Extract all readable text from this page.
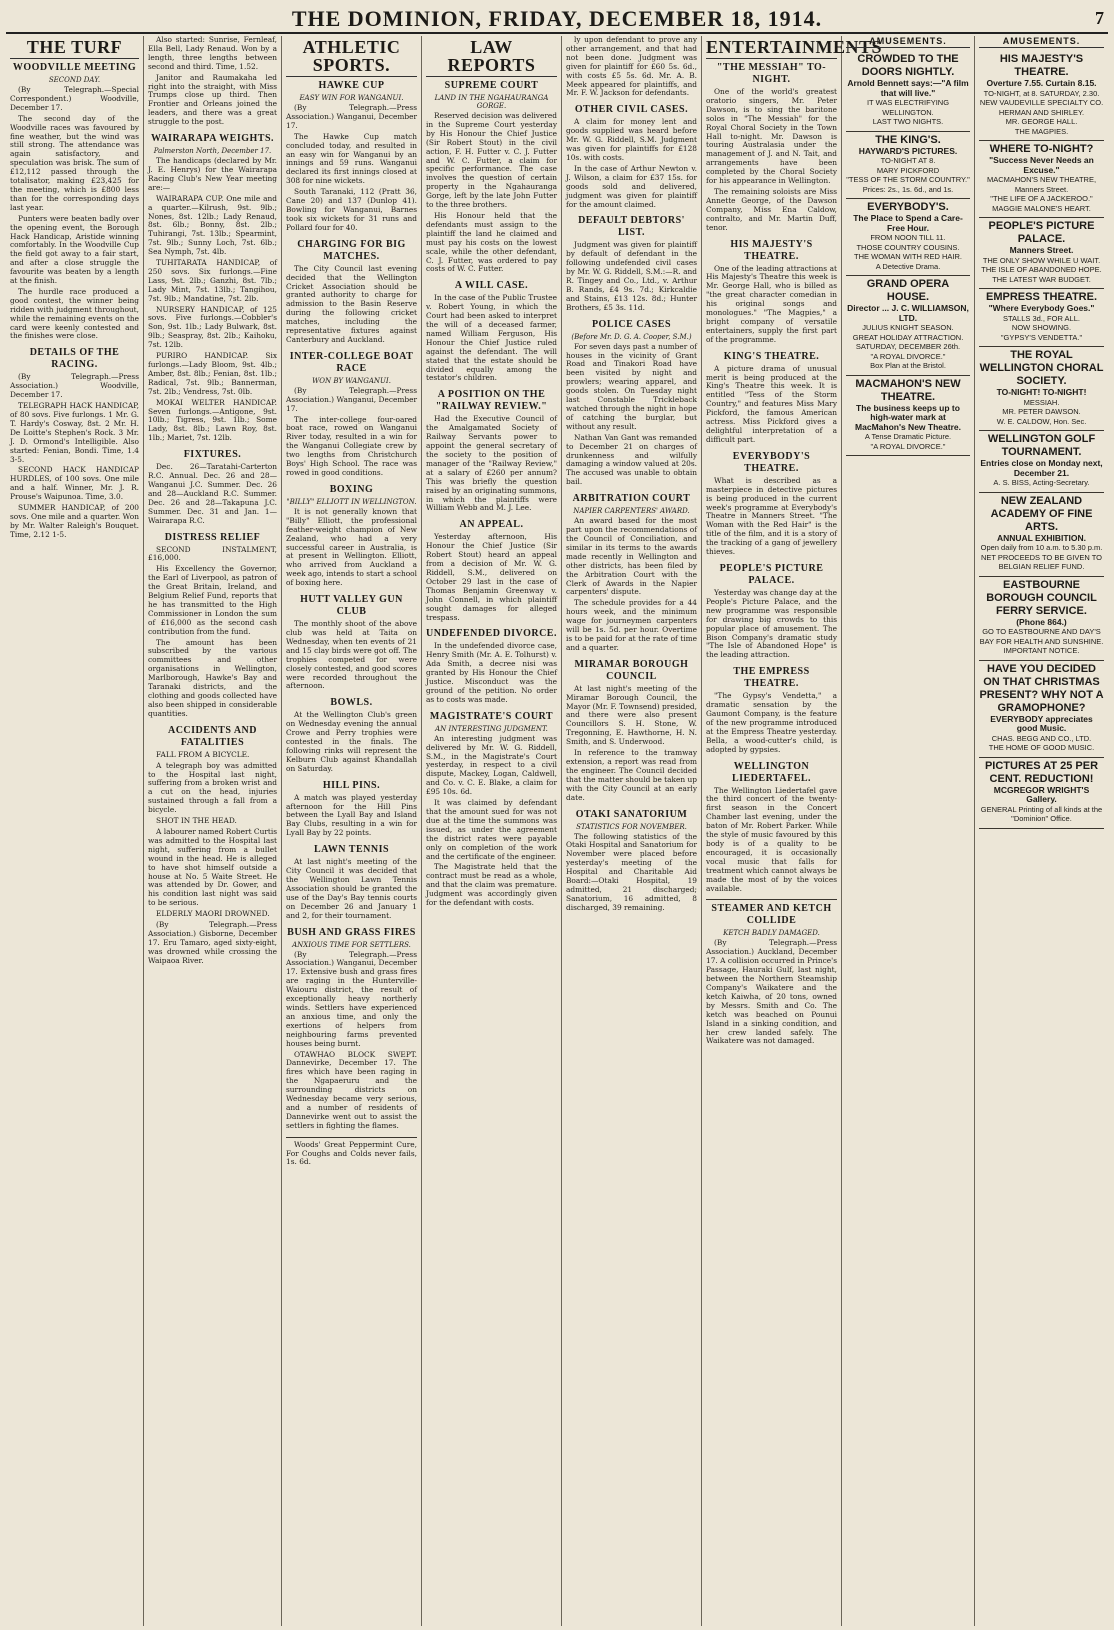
THE DOMINION, FRIDAY, DECEMBER 18, 1914.	7
THE TURF
WOODVILLE MEETING
SECOND DAY.

(By Telegraph.—Special Correspondent.) Woodville, December 17.

The second day of the Woodville races was favoured by fine weather, but the wind was still strong. The attendance was again satisfactory, and speculation was brisk. The sum of £12,112 passed through the totalisator, making £23,425 for the meeting, which is £800 less than for the corresponding days last year.

Punters were beaten badly over the opening event, the Borough Hack Handicap, Aristide winning comfortably. In the Woodville Cup the field got away to a fair start, and after a close struggle the favourite was beaten by a length at the finish.

The hurdle race produced a good contest, the winner being ridden with judgment throughout, while the remaining events on the card were keenly contested and the finishes were close.

DETAILS OF THE RACING.

(By Telegraph.—Press Association.) Woodville, December 17.

TELEGRAPH HACK HANDICAP, of 80 sovs. Five furlongs. 1 Mr. G. T. Hardy's Cosway, 8st. 2 Mr. H. De Loitte's Stephen's Rock. 3 Mr. J. D. Ormond's Intelligible. Also started: Fenian, Bondi. Time, 1.4 3-5.

SECOND HACK HANDICAP HURDLES, of 100 sovs. One mile and a half. Winner, Mr. J. R. Prouse's Waipunoa. Time, 3.0.

SUMMER HANDICAP, of 200 sovs. One mile and a quarter. Won by Mr. Walter Raleigh's Bouquet. Time, 2.12 1-5.

Also started: Sunrise, Fernleaf, Ella Bell, Lady Renaud. Won by a length, three lengths between second and third. Time, 1.52.

Janitor and Raumakaha led right into the straight, with Miss Trumps close up third. Then Frontier and Orleans joined the leaders, and there was a great struggle to the post.

WAIRARAPA WEIGHTS.
Palmerston North, December 17.

The handicaps (declared by Mr. J. E. Henrys) for the Wairarapa Racing Club's New Year meeting are:—

WAIRARAPA CUP. One mile and a quarter.—Kilrush, 9st. 9lb.; Nones, 8st. 12lb.; Lady Renaud, 8st. 6lb.; Bonny, 8st. 2lb.; Tuhirangi, 7st. 13lb.; Spearmint, 7st. 9lb.; Sunny Loch, 7st. 6lb.; Sea Nymph, 7st. 4lb.

TUHITARATA HANDICAP, of 250 sovs. Six furlongs.—Fine Lass, 9st. 2lb.; Ganzhi, 8st. 7lb.; Lady Mint, 7st. 13lb.; Tangihou, 7st. 9lb.; Mandatine, 7st. 2lb.

NURSERY HANDICAP, of 125 sovs. Five furlongs.—Cobbler's Son, 9st. 1lb.; Lady Bulwark, 8st. 9lb.; Seaspray, 8st. 2lb.; Kaihoku, 7st. 12lb.

PURIRO HANDICAP. Six furlongs.—Lady Bloom, 9st. 4lb.; Amber, 8st. 8lb.; Fenian, 8st. 1lb.; Radical, 7st. 9lb.; Bannerman, 7st. 2lb.; Vendress, 7st. 0lb.

MOKAI WELTER HANDICAP. Seven furlongs.—Antigone, 9st. 10lb.; Tigress, 9st. 1lb.; Some Lady, 8st. 8lb.; Lawn Roy, 8st. 1lb.; Mariet, 7st. 12lb.

FIXTURES.

Dec. 26—Taratahi-Carterton R.C. Annual. Dec. 26 and 28—Wanganui J.C. Summer. Dec. 26 and 28—Auckland R.C. Summer. Dec. 26 and 28—Takapuna J.C. Summer. Dec. 31 and Jan. 1—Wairarapa R.C.

DISTRESS RELIEF

SECOND INSTALMENT, £16,000.

His Excellency the Governor, the Earl of Liverpool, as patron of the Great Britain, Ireland, and Belgium Relief Fund, reports that he has transmitted to the High Commissioner in London the sum of £16,000 as the second cash contribution from the fund.

The amount has been subscribed by the various committees and other organisations in Wellington, Marlborough, Hawke's Bay and Taranaki districts, and the clothing and goods collected have also been shipped in considerable quantities.

ACCIDENTS AND FATALITIES

FALL FROM A BICYCLE.

A telegraph boy was admitted to the Hospital last night, suffering from a broken wrist and a cut on the head, injuries sustained through a fall from a bicycle.

SHOT IN THE HEAD.

A labourer named Robert Curtis was admitted to the Hospital last night, suffering from a bullet wound in the head. He is alleged to have shot himself outside a house at No. 5 Waite Street. He was attended by Dr. Gower, and his condition last night was said to be serious.

ELDERLY MAORI DROWNED.

(By Telegraph.—Press Association.) Gisborne, December 17. Eru Tamaro, aged sixty-eight, was drowned while crossing the Waipaoa River.

ATHLETIC SPORTS.
HAWKE CUP
EASY WIN FOR WANGANUI.

(By Telegraph.—Press Association.) Wanganui, December 17.

The Hawke Cup match concluded today, and resulted in an easy win for Wanganui by an innings and 59 runs. Wanganui declared its first innings closed at 308 for nine wickets.

South Taranaki, 112 (Pratt 36, Cane 20) and 137 (Dunlop 41). Bowling for Wanganui, Barnes took six wickets for 31 runs and Pollard four for 40.

CHARGING FOR BIG MATCHES.

The City Council last evening decided that the Wellington Cricket Association should be granted authority to charge for admission to the Basin Reserve during the following cricket matches, including the representative fixtures against Canterbury and Auckland.

INTER-COLLEGE BOAT RACE
WON BY WANGANUI.

(By Telegraph.—Press Association.) Wanganui, December 17.

The inter-college four-oared boat race, rowed on Wanganui River today, resulted in a win for the Wanganui Collegiate crew by two lengths from Christchurch Boys' High School. The race was rowed in good conditions.

BOXING
"BILLY" ELLIOTT IN WELLINGTON.

It is not generally known that "Billy" Elliott, the professional feather-weight champion of New Zealand, who had a very successful career in Australia, is at present in Wellington. Elliott, who arrived from Auckland a week ago, intends to start a school of boxing here.

HUTT VALLEY GUN CLUB

The monthly shoot of the above club was held at Taita on Wednesday, when ten events of 21 and 15 clay birds were got off. The trophies competed for were closely contested, and good scores were recorded throughout the afternoon.

BOWLS.

At the Wellington Club's green on Wednesday evening the annual Crowe and Perry trophies were contested in the finals. The following rinks will represent the Kelburn Club against Khandallah on Saturday.

HILL PINS.

A match was played yesterday afternoon for the Hill Pins between the Lyall Bay and Island Bay Clubs, resulting in a win for Lyall Bay by 22 points.

LAWN TENNIS

At last night's meeting of the City Council it was decided that the Wellington Lawn Tennis Association should be granted the use of the Day's Bay tennis courts on December 26 and January 1 and 2, for their tournament.

BUSH AND GRASS FIRES
ANXIOUS TIME FOR SETTLERS.

(By Telegraph.—Press Association.) Wanganui, December 17. Extensive bush and grass fires are raging in the Hunterville-Waiouru district, the result of exceptionally heavy northerly winds. Settlers have experienced an anxious time, and only the exertions of helpers from neighbouring farms prevented houses being burnt.

OTAWHAO BLOCK SWEPT. Dannevirke, December 17. The fires which have been raging in the Ngapaeruru and the surrounding districts on Wednesday became very serious, and a number of residents of Dannevirke went out to assist the settlers in fighting the flames.

Woods' Great Peppermint Cure, For Coughs and Colds never fails, 1s. 6d.

LAW REPORTS
SUPREME COURT
LAND IN THE NGAHAURANGA GORGE.

Reserved decision was delivered in the Supreme Court yesterday by His Honour the Chief Justice (Sir Robert Stout) in the civil action, F. H. Futter v. C. J. Futter and W. C. Futter, a claim for specific performance. The case involves the question of certain property in the Ngahauranga Gorge, left by the late John Futter to the three brothers.

His Honour held that the defendants must assign to the plaintiff the land he claimed and must pay his costs on the lowest scale, while the other defendant, C. J. Futter, was ordered to pay costs of W. C. Futter.

A WILL CASE.

In the case of the Public Trustee v. Robert Young, in which the Court had been asked to interpret the will of a deceased farmer, named William Ferguson, His Honour the Chief Justice ruled against the defendant. The will stated that the estate should be divided equally among the testator's children.

A POSITION ON THE "RAILWAY REVIEW."

Had the Executive Council of the Amalgamated Society of Railway Servants power to appoint the general secretary of the society to the position of manager of the "Railway Review," at a salary of £260 per annum? This was briefly the question raised by an originating summons, in which the plaintiffs were William Webb and M. J. Lee.

AN APPEAL.

Yesterday afternoon, His Honour the Chief Justice (Sir Robert Stout) heard an appeal from a decision of Mr. W. G. Riddell, S.M., delivered on October 29 last in the case of Thomas Benjamin Greenway v. John Connell, in which plaintiff sought damages for alleged trespass.

UNDEFENDED DIVORCE.

In the undefended divorce case, Henry Smith (Mr. A. E. Tolhurst) v. Ada Smith, a decree nisi was granted by His Honour the Chief Justice. Misconduct was the ground of the petition. No order as to costs was made.

MAGISTRATE'S COURT
AN INTERESTING JUDGMENT.

An interesting judgment was delivered by Mr. W. G. Riddell, S.M., in the Magistrate's Court yesterday, in respect to a civil dispute, Mackey, Logan, Caldwell, and Co. v. C. E. Blake, a claim for £95 10s. 6d.

It was claimed by defendant that the amount sued for was not due at the time the summons was issued, as under the agreement the district rates were payable only on completion of the work and the certificate of the engineer.

The Magistrate held that the contract must be read as a whole, and that the claim was premature. Judgment was accordingly given for the defendant with costs.

ly upon defendant to prove any other arrangement, and that had not been done. Judgment was given for plaintiff for £60 5s. 6d., with costs £5 5s. 6d. Mr. A. B. Meek appeared for plaintiffs, and Mr. F. W. Jackson for defendants.

OTHER CIVIL CASES.

A claim for money lent and goods supplied was heard before Mr. W. G. Riddell, S.M. Judgment was given for plaintiffs for £128 10s. with costs.

In the case of Arthur Newton v. J. Wilson, a claim for £37 15s. for goods sold and delivered, judgment was given for plaintiff for the amount claimed.

DEFAULT DEBTORS' LIST.

Judgment was given for plaintiff by default of defendant in the following undefended civil cases by Mr. W. G. Riddell, S.M.:—R. and R. Tingey and Co., Ltd., v. Arthur B. Rands, £4 9s. 7d.; Kirkcaldie and Stains, £13 12s. 8d.; Hunter Brothers, £5 3s. 11d.

POLICE CASES
(Before Mr. D. G. A. Cooper, S.M.)

For seven days past a number of houses in the vicinity of Grant Road and Tinakori Road have been visited by night and prowlers; wearing apparel, and goods stolen. On Tuesday night last Constable Trickleback watched through the night in hope of catching the burglar, but without any result.

Nathan Van Gant was remanded to December 21 on charges of drunkenness and wilfully damaging a window valued at 20s. The accused was unable to obtain bail.

ARBITRATION COURT
NAPIER CARPENTERS' AWARD.

An award based for the most part upon the recommendations of the Council of Conciliation, and similar in its terms to the awards made recently in Wellington and other districts, has been filed by the Arbitration Court with the Clerk of Awards in the Napier carpenters' dispute.

The schedule provides for a 44 hours week, and the minimum wage for journeymen carpenters will be 1s. 5d. per hour. Overtime is to be paid for at the rate of time and a quarter.

MIRAMAR BOROUGH COUNCIL

At last night's meeting of the Miramar Borough Council, the Mayor (Mr. F. Townsend) presided, and there were also present Councillors S. H. Stone, W. Tregonning, E. Hawthorne, H. N. Smith, and S. Underwood.

In reference to the tramway extension, a report was read from the engineer. The Council decided that the matter should be taken up with the City Council at an early date.

OTAKI SANATORIUM
STATISTICS FOR NOVEMBER.

The following statistics of the Otaki Hospital and Sanatorium for November were placed before yesterday's meeting of the Hospital and Charitable Aid Board:—Otaki Hospital, 19 admitted, 21 discharged; Sanatorium, 16 admitted, 8 discharged, 39 remaining.

ENTERTAINMENTS
"THE MESSIAH" TO-NIGHT.

One of the world's greatest oratorio singers, Mr. Peter Dawson, is to sing the baritone solos in "The Messiah" for the Royal Choral Society in the Town Hall to-night. Mr. Dawson is touring Australasia under the management of J. and N. Tait, and arrangements have been completed by the Choral Society for his appearance in Wellington.

The remaining soloists are Miss Annette George, of the Dawson Company, Miss Ena Caldow, contralto, and Mr. Martin Duff, tenor.

HIS MAJESTY'S THEATRE.

One of the leading attractions at His Majesty's Theatre this week is Mr. George Hall, who is billed as "the great character comedian in his original songs and monologues." "The Magpies," a bright company of versatile entertainers, supply the first part of the programme.

KING'S THEATRE.

A picture drama of unusual merit is being produced at the King's Theatre this week. It is entitled "Tess of the Storm Country," and features Miss Mary Pickford, the famous American actress. Miss Pickford gives a delightful interpretation of a difficult part.

EVERYBODY'S THEATRE.

What is described as a masterpiece in detective pictures is being produced in the current week's programme at Everybody's Theatre in Manners Street. "The Woman with the Red Hair" is the title of the film, and it is a story of the tracking of a gang of jewellery thieves.

PEOPLE'S PICTURE PALACE.

Yesterday was change day at the People's Picture Palace, and the new programme was responsible for drawing big crowds to this popular place of amusement. The Bison Company's dramatic study "The Isle of Abandoned Hope" is the leading attraction.

THE EMPRESS THEATRE.

"The Gypsy's Vendetta," a dramatic sensation by the Gaumont Company, is the feature of the new programme introduced at the Empress Theatre yesterday. Bella, a wood-cutter's child, is adopted by gypsies.

WELLINGTON LIEDERTAFEL.

The Wellington Liedertafel gave the third concert of the twenty-first season in the Concert Chamber last evening, under the baton of Mr. Robert Parker. While the style of music favoured by this body is of a quality to be encouraged, it is occasionally vocal music that falls for treatment which cannot always be made the most of by the voices available.

STEAMER AND KETCH COLLIDE
KETCH BADLY DAMAGED.

(By Telegraph.—Press Association.) Auckland, December 17. A collision occurred in Prince's Passage, Hauraki Gulf, last night, between the Northern Steamship Company's Waikatere and the ketch Kaiwha, of 20 tons, owned by Messrs. Smith and Co. The ketch was beached on Pounui Island in a sinking condition, and her crew landed safely. The Waikatere was not damaged.

AMUSEMENTS.
CROWDED TO THE DOORS NIGHTLY.
Arnold Bennett says:—"A film that will live."
IT WAS ELECTRIFYING WELLINGTON.
LAST TWO NIGHTS.
THE KING'S.
HAYWARD'S PICTURES.
TO-NIGHT AT 8.
MARY PICKFORD
"TESS OF THE STORM COUNTRY."
Prices: 2s., 1s. 6d., and 1s.
EVERYBODY'S.
The Place to Spend a Care-Free Hour.
FROM NOON TILL 11.
THOSE COUNTRY COUSINS.
THE WOMAN WITH RED HAIR.
A Detective Drama.
GRAND OPERA HOUSE.
Director ... J. C. WILLIAMSON, LTD.
JULIUS KNIGHT SEASON.
GREAT HOLIDAY ATTRACTION.
SATURDAY, DECEMBER 26th.
"A ROYAL DIVORCE."
Box Plan at the Bristol.
MACMAHON'S NEW THEATRE.
The business keeps up to high-water mark at MacMahon's New Theatre.
A Tense Dramatic Picture.
"A ROYAL DIVORCE."
AMUSEMENTS.
HIS MAJESTY'S THEATRE.
Overture 7.55. Curtain 8.15.
TO-NIGHT, at 8. SATURDAY, 2.30.
NEW VAUDEVILLE SPECIALTY CO.
HERMAN AND SHIRLEY.
MR. GEORGE HALL.
THE MAGPIES.
WHERE TO-NIGHT?
"Success Never Needs an Excuse."
MACMAHON'S NEW THEATRE, Manners Street.
"THE LIFE OF A JACKEROO."
MAGGIE MALONE'S HEART.
PEOPLE'S PICTURE PALACE.
Manners Street.
THE ONLY SHOW WHILE U WAIT.
THE ISLE OF ABANDONED HOPE.
THE LATEST WAR BUDGET.
EMPRESS THEATRE.
"Where Everybody Goes."
STALLS 3d., FOR ALL.
NOW SHOWING.
"GYPSY'S VENDETTA."
THE ROYAL WELLINGTON CHORAL SOCIETY.
TO-NIGHT! TO-NIGHT!
MESSIAH.
MR. PETER DAWSON.
W. E. CALDOW, Hon. Sec.
WELLINGTON GOLF TOURNAMENT.
Entries close on Monday next, December 21.
A. S. BISS, Acting-Secretary.
NEW ZEALAND ACADEMY OF FINE ARTS.
ANNUAL EXHIBITION.
Open daily from 10 a.m. to 5.30 p.m.
NET PROCEEDS TO BE GIVEN TO BELGIAN RELIEF FUND.
EASTBOURNE BOROUGH COUNCIL FERRY SERVICE.
(Phone 864.)
GO TO EASTBOURNE AND DAY'S BAY FOR HEALTH AND SUNSHINE.
IMPORTANT NOTICE.
HAVE YOU DECIDED ON THAT CHRISTMAS PRESENT? WHY NOT A GRAMOPHONE?
EVERYBODY appreciates good Music.
CHAS. BEGG AND CO., LTD.
THE HOME OF GOOD MUSIC.
PICTURES AT 25 PER CENT. REDUCTION!
MCGREGOR WRIGHT'S Gallery.
GENERAL Printing of all kinds at the "Dominion" Office.
